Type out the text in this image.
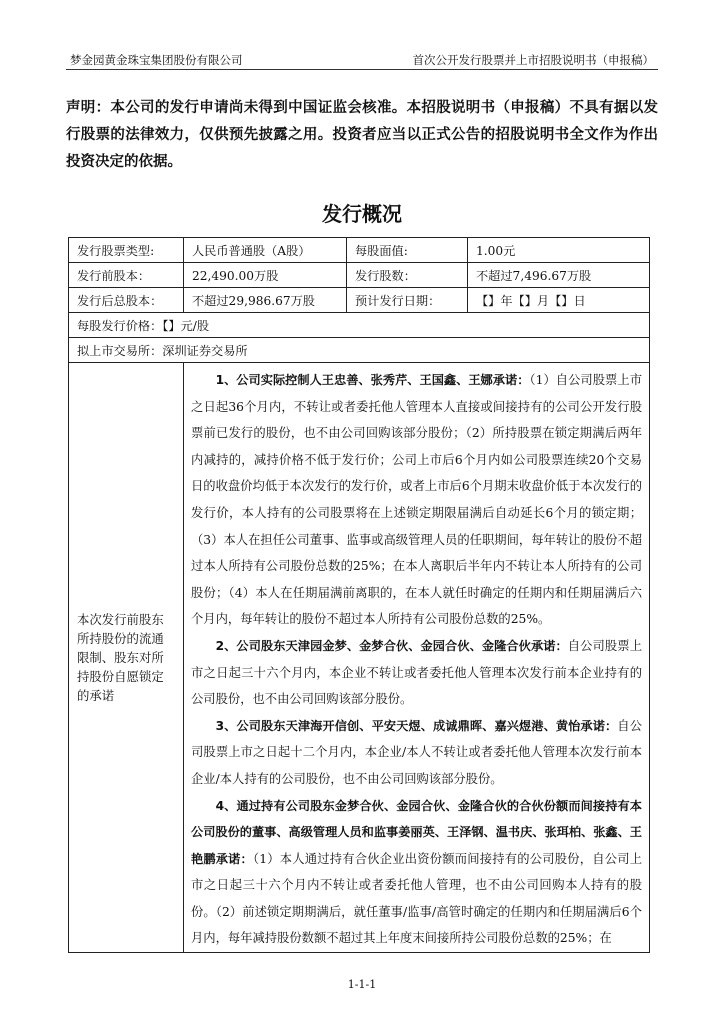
梦金园黄金珠宝集团股份有限公司	首次公开发行股票并上市招股说明书（申报稿）
声明：本公司的发行申请尚未得到中国证监会核准。本招股说明书（申报稿）不具有据以发行股票的法律效力，仅供预先披露之用。投资者应当以正式公告的招股说明书全文作为作出投资决定的依据。
发行概况
发行股票类型:	人民币普通股（A股）	每股面值:	1.00元
发行前股本：	22,490.00万股	发行股数：	不超过7,496.67万股
发行后总股本：	不超过29,986.67万股	预计发行日期：	【】年【】月【】日
每股发行价格：【】元/股			
拟上市交易所：深圳证券交易所			
本次发行前股东所持股份的流通限制、股东对所持股份自愿锁定的承诺	1、公司实际控制人王忠善、张秀芹、王国鑫、王娜承诺：（1）自公司股票上市之日起36个月内，不转让或者委托他人管理本人直接或间接持有的公司公开发行股票前已发行的股份，也不由公司回购该部分股份；（2）所持股票在锁定期满后两年内减持的，减持价格不低于发行价；公司上市后6个月内如公司股票连续20个交易日的收盘价均低于本次发行的发行价，或者上市后6个月期末收盘价低于本次发行的发行价，本人持有的公司股票将在上述锁定期限届满后自动延长6个月的锁定期；（3）本人在担任公司董事、监事或高级管理人员的任职期间，每年转让的股份不超过本人所持有公司股份总数的25%；在本人离职后半年内不转让本人所持有的公司股份；（4）本人在任期届满前离职的，在本人就任时确定的任期内和任期届满后六个月内，每年转让的股份不超过本人所持有公司股份总数的25%。

2、公司股东天津园金梦、金梦合伙、金园合伙、金隆合伙承诺：自公司股票上市之日起三十六个月内，本企业不转让或者委托他人管理本次发行前本企业持有的公司股份，也不由公司回购该部分股份。

3、公司股东天津海开信创、平安天煜、成诚鼎晖、嘉兴煜港、黄怡承诺：自公司股票上市之日起十二个月内，本企业/本人不转让或者委托他人管理本次发行前本企业/本人持有的公司股份，也不由公司回购该部分股份。

4、通过持有公司股东金梦合伙、金园合伙、金隆合伙的合伙份额而间接持有本公司股份的董事、高级管理人员和监事姜丽英、王泽钢、温书庆、张珥柏、张鑫、王艳鹏承诺：（1）本人通过持有合伙企业出资份额而间接持有的公司股份，自公司上市之日起三十六个月内不转让或者委托他人管理，也不由公司回购本人持有的股份。（2）前述锁定期期满后，就任董事/监事/高管时确定的任期内和任期届满后6个月内，每年减持股份数额不超过其上年度末间接所持公司股份总数的25%；在		

1-1-1
